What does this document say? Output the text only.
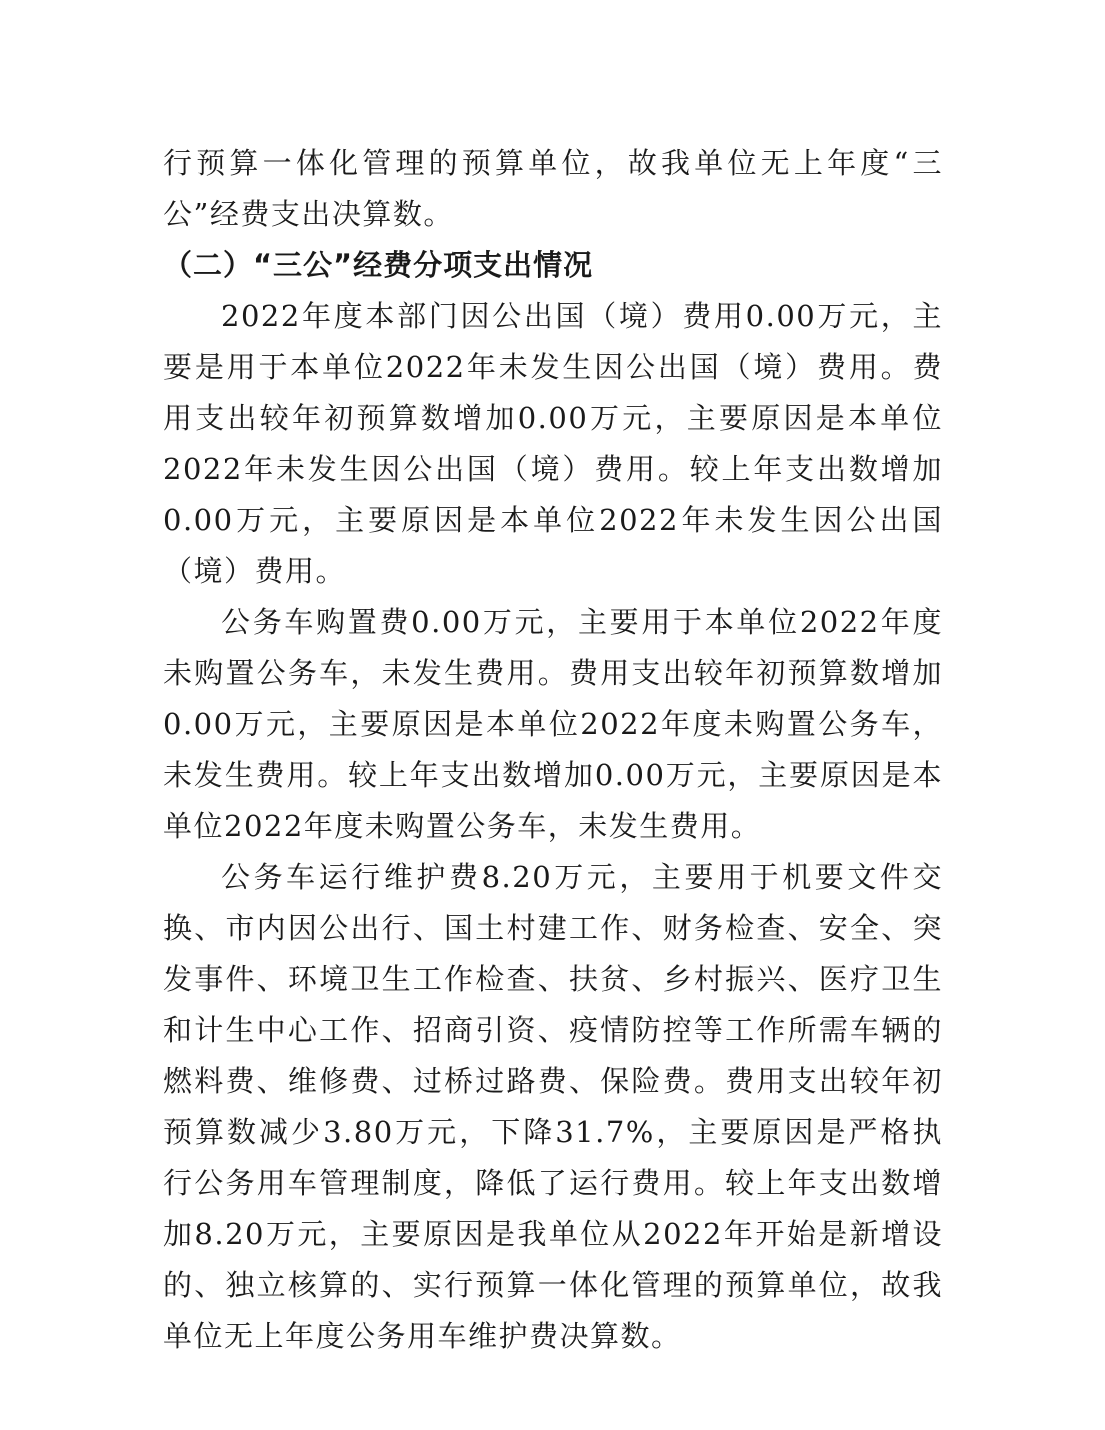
行预算一体化管理的预算单位，故我单位无上年度“三公”经费支出决算数。

（二）“三公”经费分项支出情况

2022年度本部门因公出国（境）费用0.00万元，主要是用于本单位2022年未发生因公出国（境）费用。费用支出较年初预算数增加0.00万元，主要原因是本单位2022年未发生因公出国（境）费用。较上年支出数增加0.00万元，主要原因是本单位2022年未发生因公出国（境）费用。

公务车购置费0.00万元，主要用于本单位2022年度未购置公务车，未发生费用。费用支出较年初预算数增加0.00万元，主要原因是本单位2022年度未购置公务车，未发生费用。较上年支出数增加0.00万元，主要原因是本单位2022年度未购置公务车，未发生费用。

公务车运行维护费8.20万元，主要用于机要文件交换、市内因公出行、国土村建工作、财务检查、安全、突发事件、环境卫生工作检查、扶贫、乡村振兴、医疗卫生和计生中心工作、招商引资、疫情防控等工作所需车辆的 燃料费、维修费、过桥过路费、保险费。费用支出较年初预算数减少3.80万元，下降31.7%，主要原因是严格执行公务用车管理制度，降低了运行费用。较上年支出数增加8.20万元，主要原因是我单位从2022年开始是新增设的、独立核算的、实行预算一体化管理的预算单位，故我单位无上年度公务用车维护费决算数。
